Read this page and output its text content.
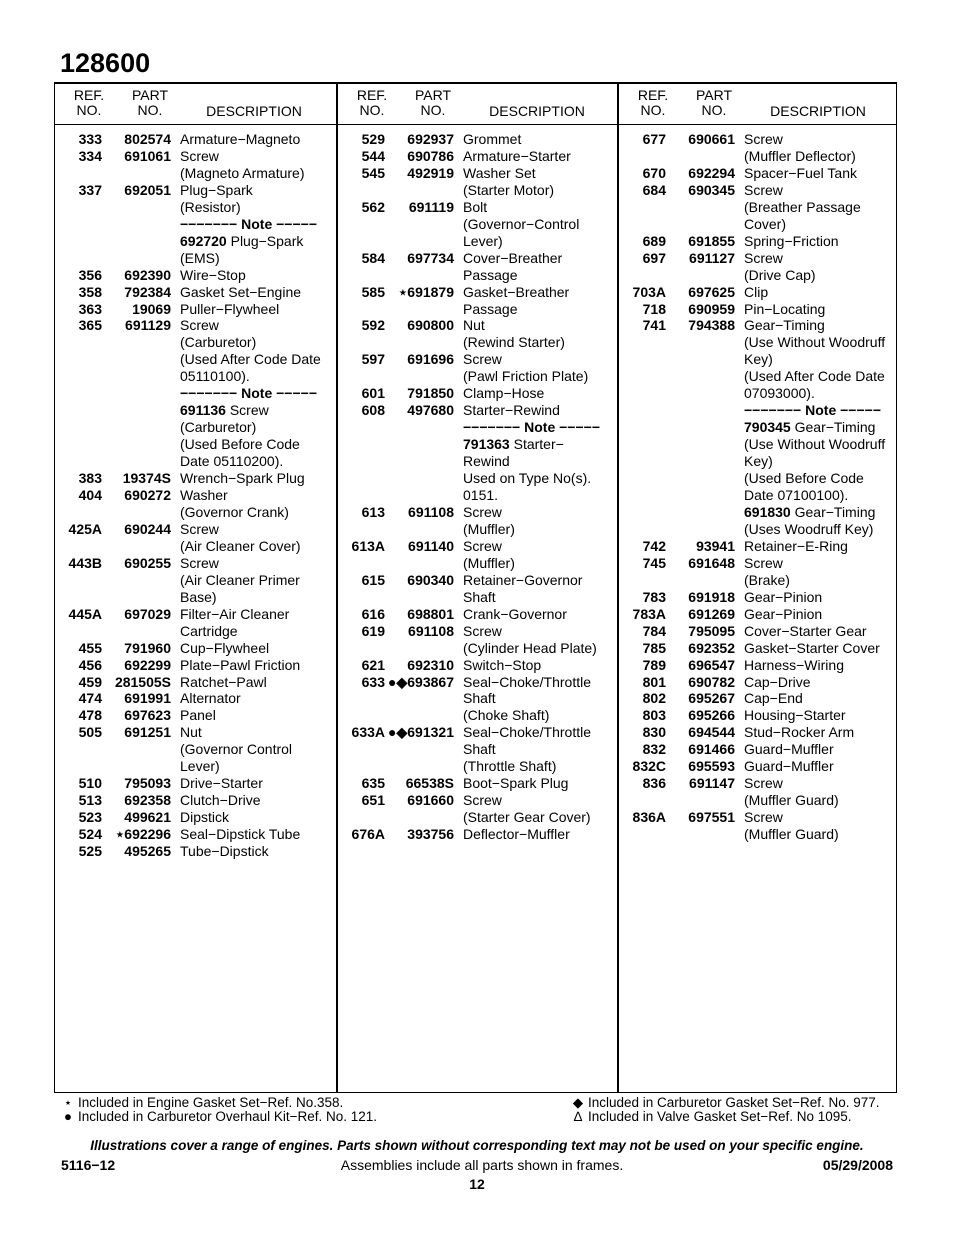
128600
REF.
NO.
PART
NO.	DESCRIPTION
333	802574 Armature−Magneto
334	691061 Screw
(Magneto Armature)
337	692051 Plug−Spark
(Resistor)
−−−−−−− Note −−−−−
692720 Plug−Spark
(EMS)
356	692390 Wire−Stop
358	792384 Gasket Set−Engine
363	19069 Puller−Flywheel
365	691129 Screw
(Carburetor)
(Used After Code Date
05110100).
−−−−−−− Note −−−−−
691136 Screw
(Carburetor)
(Used Before Code
Date 05110200).
383	19374S Wrench−Spark Plug
404	690272 Washer
(Governor Crank)
425A	690244 Screw
(Air Cleaner Cover)
443B	690255 Screw
(Air Cleaner Primer
Base)
445A	697029 Filter−Air Cleaner
Cartridge
455	791960 Cup−Flywheel
456	692299 Plate−Pawl Friction
459 281505S Ratchet−Pawl
474	691991 Alternator
478	697623 Panel
505	691251 Nut
(Governor Control
Lever)
510	795093 Drive−Starter
513	692358 Clutch−Drive
523	499621 Dipstick
524 ⋆692296 Seal−Dipstick Tube
525	495265 Tube−Dipstick
REF.
NO.
PART
NO.	DESCRIPTION
529	692937 Grommet
544	690786 Armature−Starter
545	492919 Washer Set
(Starter Motor)
562	691119 Bolt
(Governor−Control
Lever)
584	697734 Cover−Breather
Passage
585 ⋆691879 Gasket−Breather
Passage
592	690800 Nut
(Rewind Starter)
597	691696 Screw
(Pawl Friction Plate)
601	791850 Clamp−Hose
608	497680 Starter−Rewind
−−−−−−− Note −−−−−
791363 Starter−
Rewind
Used on Type No(s).
0151.
613	691108 Screw
(Muffler)
613A	691140 Screw
(Muffler)
615	690340 Retainer−Governor
Shaft
616	698801 Crank−Governor
619	691108 Screw
(Cylinder Head Plate)
621	692310 Switch−Stop
633 ●◆693867 Seal−Choke/Throttle
Shaft
(Choke Shaft)
633A ●◆691321 Seal−Choke/Throttle
Shaft
(Throttle Shaft)
635	66538S Boot−Spark Plug
651	691660 Screw
(Starter Gear Cover)
676A	393756 Deflector−Muffler
REF.
NO.
PART
NO.	DESCRIPTION
677	690661 Screw
(Muffler Deflector)
670	692294 Spacer−Fuel Tank
684	690345 Screw
(Breather Passage
Cover)
689	691855 Spring−Friction
697	691127 Screw
(Drive Cap)
703A	697625 Clip
718	690959 Pin−Locating
741	794388 Gear−Timing
(Use Without Woodruff
Key)
(Used After Code Date
07093000).
−−−−−−− Note −−−−−
790345 Gear−Timing
(Use Without Woodruff
Key)
(Used Before Code
Date 07100100).
691830 Gear−Timing
(Uses Woodruff Key)
742	93941 Retainer−E-Ring
745	691648 Screw
(Brake)
783	691918 Gear−Pinion
783A	691269 Gear−Pinion
784	795095 Cover−Starter Gear
785	692352 Gasket−Starter Cover
789	696547 Harness−Wiring
801	690782 Cap−Drive
802	695267 Cap−End
803	695266 Housing−Starter
830	694544 Stud−Rocker Arm
832	691466 Guard−Muffler
832C	695593 Guard−Muffler
836	691147 Screw
(Muffler Guard)
836A	697551 Screw
(Muffler Guard)
⋆ Included in Engine Gasket Set−Ref. No.358.
● Included in Carburetor Overhaul Kit−Ref. No. 121.
◆ Included in Carburetor Gasket Set−Ref. No. 977.
∆ Included in Valve Gasket Set−Ref. No 1095.
Illustrations cover a range of engines. Parts shown without corresponding text may not be used on your specific engine.
5116−12	Assemblies include all parts shown in frames.	05/29/2008
12
